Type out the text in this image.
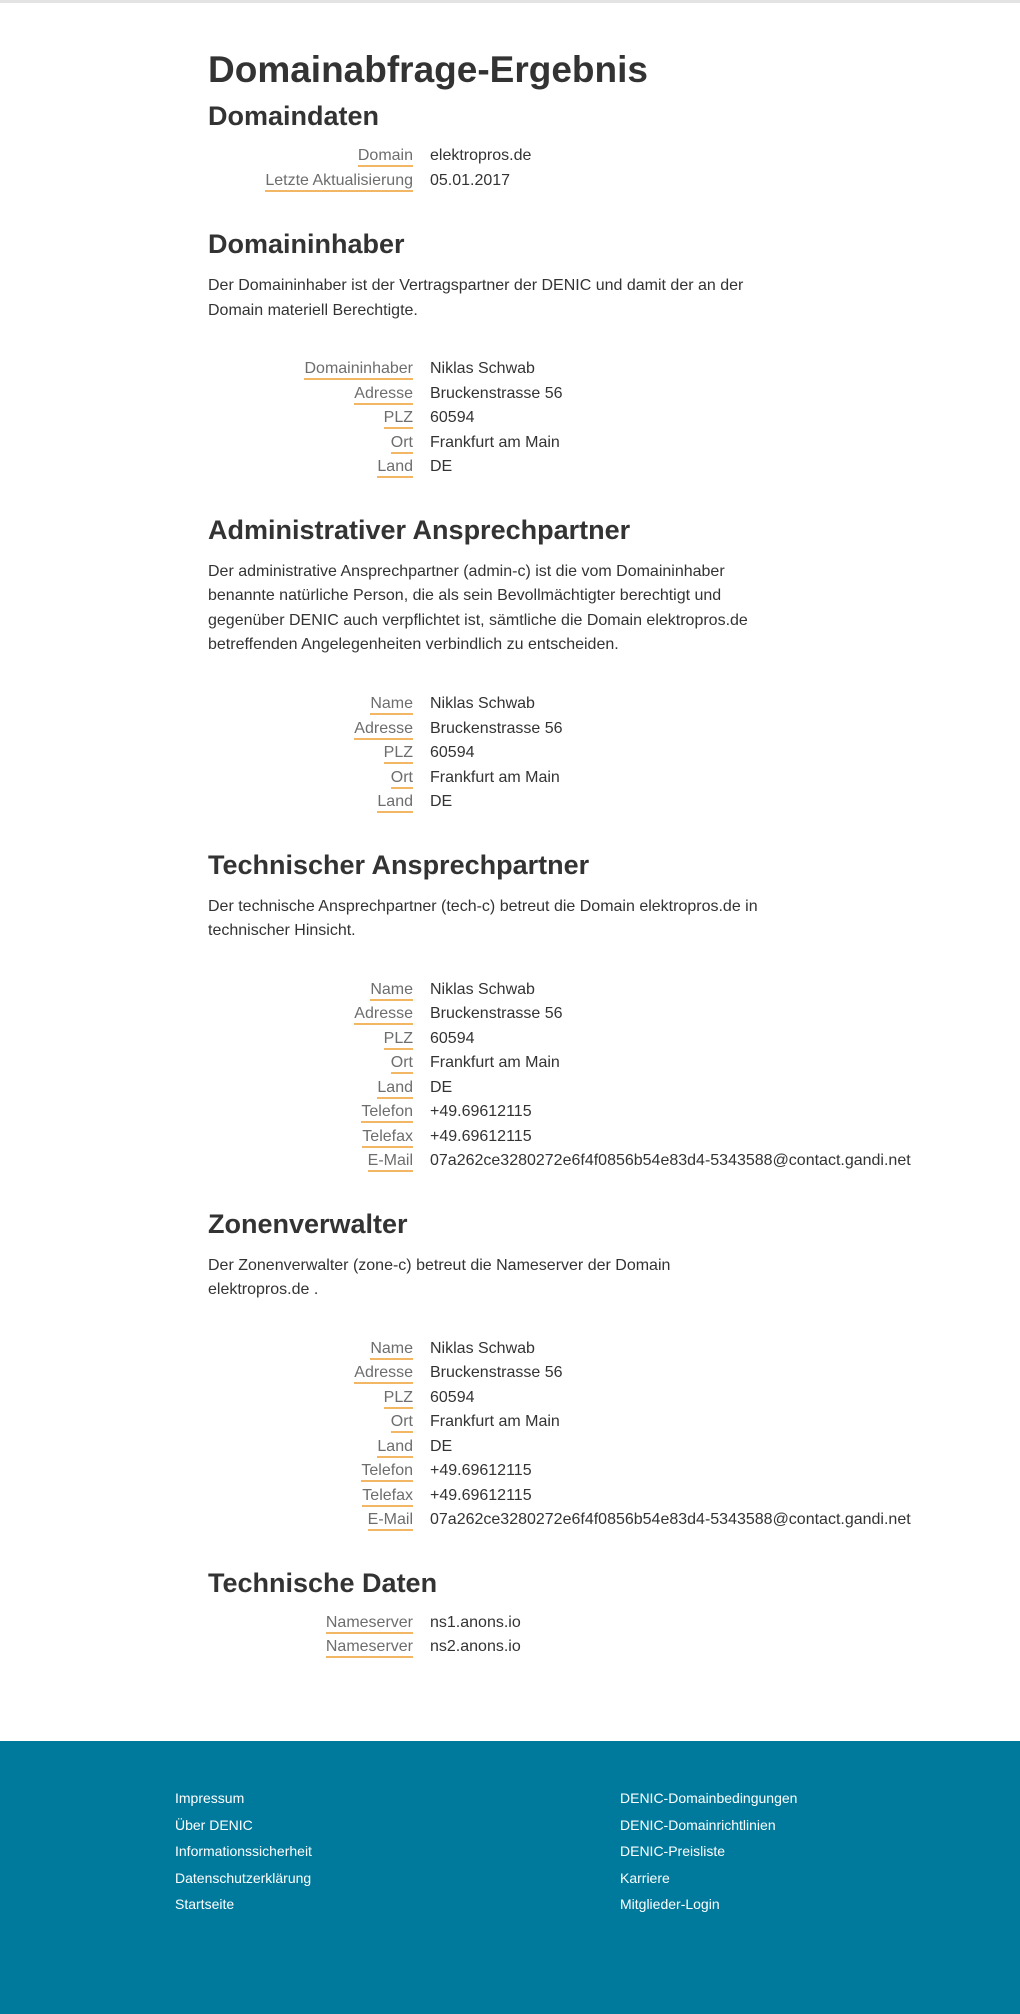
Domainabfrage-Ergebnis
Domaindaten
Domain elektropros.de
Letzte Aktualisierung 05.01.2017
Domaininhaber

Der Domaininhaber ist der Vertragspartner der DENIC und damit der an der Domain materiell Berechtigte.

Domaininhaber Niklas Schwab
Adresse Bruckenstrasse 56
PLZ 60594
Ort Frankfurt am Main
Land DE
Administrativer Ansprechpartner

Der administrative Ansprechpartner (admin-c) ist die vom Domaininhaber benannte natürliche Person, die als sein Bevollmächtigter berechtigt und gegenüber DENIC auch verpflichtet ist, sämtliche die Domain elektropros.de betreffenden Angelegenheiten verbindlich zu entscheiden.

Name Niklas Schwab
Adresse Bruckenstrasse 56
PLZ 60594
Ort Frankfurt am Main
Land DE
Technischer Ansprechpartner

Der technische Ansprechpartner (tech-c) betreut die Domain elektropros.de in technischer Hinsicht.

Name Niklas Schwab
Adresse Bruckenstrasse 56
PLZ 60594
Ort Frankfurt am Main
Land DE
Telefon +49.69612115
Telefax +49.69612115
E-Mail 07a262ce3280272e6f4f0856b54e83d4-5343588@contact.gandi.net
Zonenverwalter

Der Zonenverwalter (zone-c) betreut die Nameserver der Domain elektropros.de .

Name Niklas Schwab
Adresse Bruckenstrasse 56
PLZ 60594
Ort Frankfurt am Main
Land DE
Telefon +49.69612115
Telefax +49.69612115
E-Mail 07a262ce3280272e6f4f0856b54e83d4-5343588@contact.gandi.net
Technische Daten
Nameserver ns1.anons.io
Nameserver ns2.anons.io
Impressum
Über DENIC
Informationssicherheit
Datenschutzerklärung
Startseite
DENIC-Domainbedingungen
DENIC-Domainrichtlinien
DENIC-Preisliste
Karriere
Mitglieder-Login
